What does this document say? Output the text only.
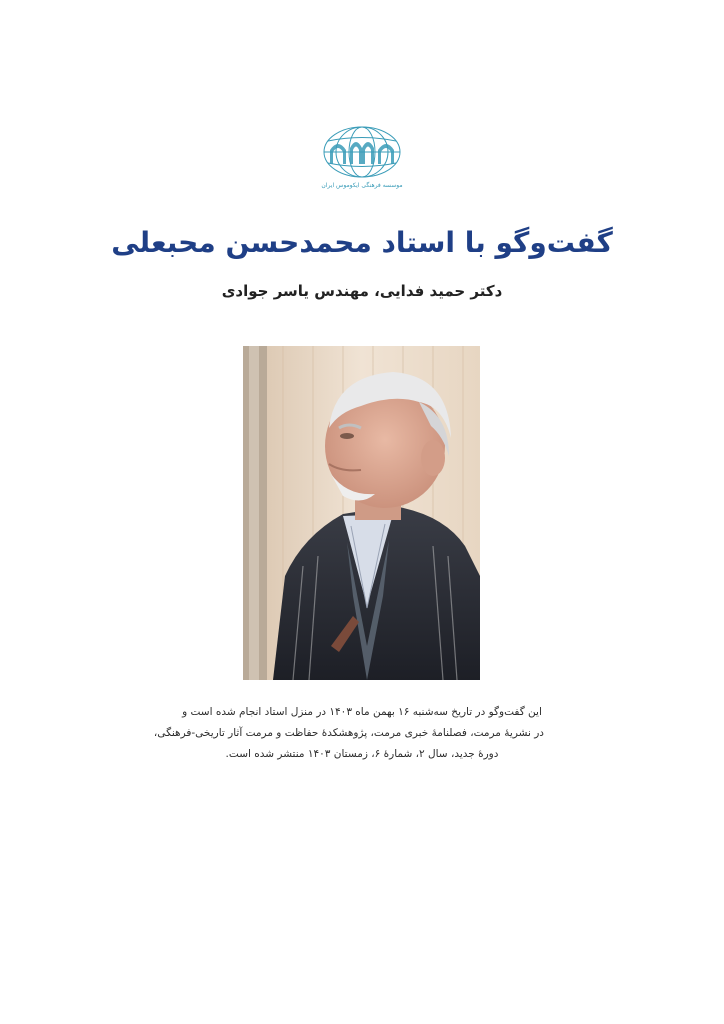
موسسه فرهنگی ایکوموس ایران
گفت‌وگو با استاد محمدحسن محبعلی
دکتر حمید فدایی، مهندس یاسر جوادی
این گفت‌وگو در تاریخ سه‌شنبه ۱۶ بهمن ماه ۱۴۰۳ در منزل استاد انجام شده است و
در نشریهٔ مرمت، فصلنامهٔ خبری مرمت، پژوهشکدهٔ حفاظت و مرمت آثار تاریخی-فرهنگی،
دورهٔ جدید، سال ۲، شمارهٔ ۶، زمستان ۱۴۰۳ منتشر شده است.
